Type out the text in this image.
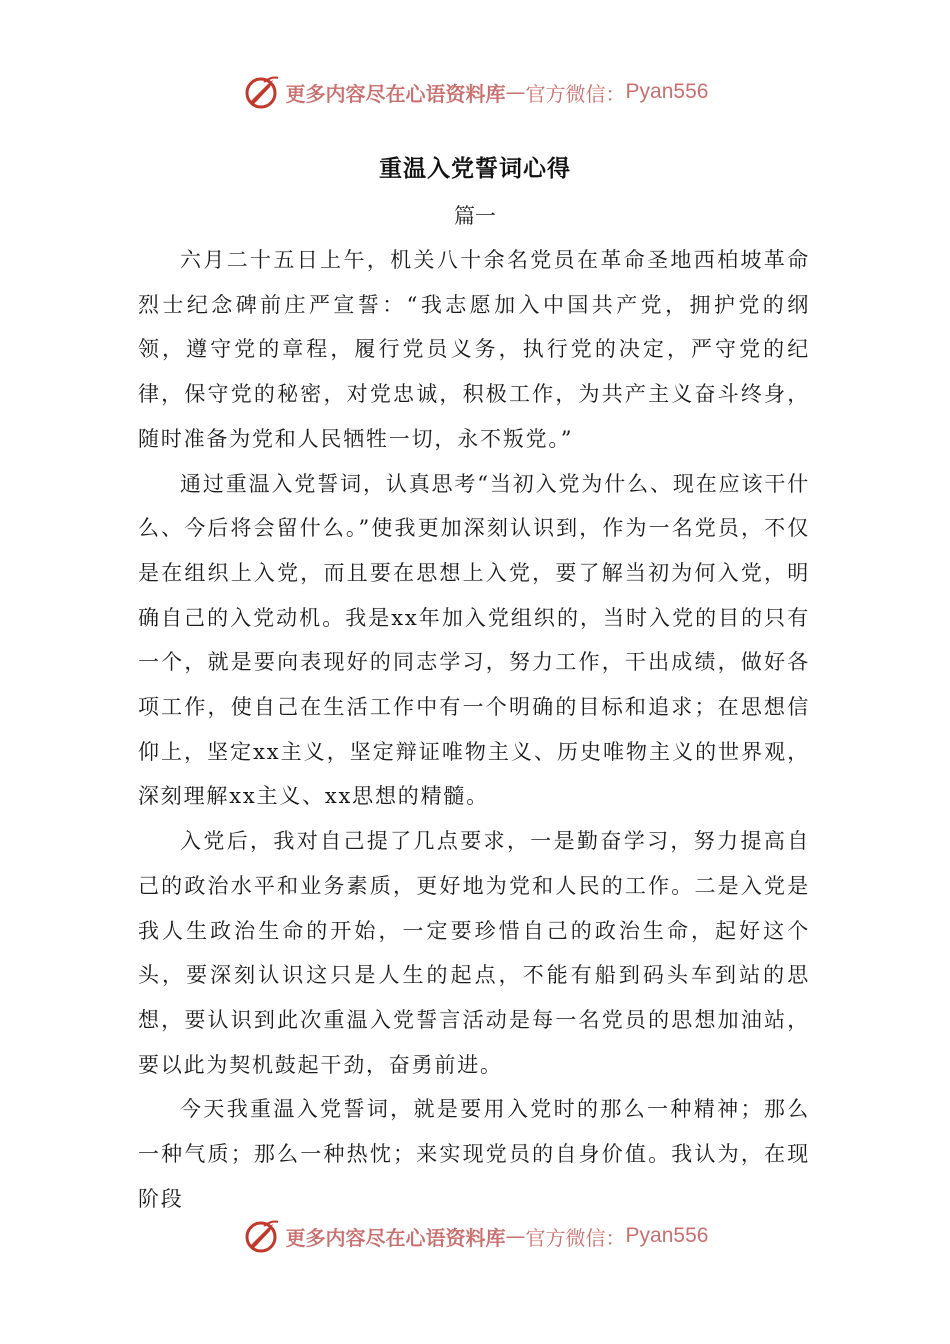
更多内容尽在心语资料库 — 官方微信： Pyan556
重温入党誓词心得
篇一

六月二十五日上午，机关八十余名党员在革命圣地西柏坡革命烈士纪念碑前庄严宣誓：“我志愿加入中国共产党，拥护党的纲领，遵守党的章程，履行党员义务，执行党的决定，严守党的纪律，保守党的秘密，对党忠诚，积极工作，为共产主义奋斗终身，随时准备为党和人民牺牲一切，永不叛党。”

通过重温入党誓词，认真思考“当初入党为什么、现在应该干什么、今后将会留什么。”使我更加深刻认识到，作为一名党员，不仅是在组织上入党，而且要在思想上入党，要了解当初为何入党，明确自己的入党动机。我是xx年加入党组织的，当时入党的目的只有一个，就是要向表现好的同志学习，努力工作，干出成绩，做好各项工作，使自己在生活工作中有一个明确的目标和追求；在思想信仰上，坚定xx主义，坚定辩证唯物主义、历史唯物主义的世界观，深刻理解xx主义、xx思想的精髓。

入党后，我对自己提了几点要求，一是勤奋学习，努力提高自己的政治水平和业务素质，更好地为党和人民的工作。二是入党是我人生政治生命的开始，一定要珍惜自己的政治生命，起好这个头，要深刻认识这只是人生的起点，不能有船到码头车到站的思想，要认识到此次重温入党誓言活动是每一名党员的思想加油站，要以此为契机鼓起干劲，奋勇前进。

今天我重温入党誓词，就是要用入党时的那么一种精神；那么一种气质；那么一种热忱；来实现党员的自身价值。我认为，在现阶段

更多内容尽在心语资料库 — 官方微信： Pyan556
